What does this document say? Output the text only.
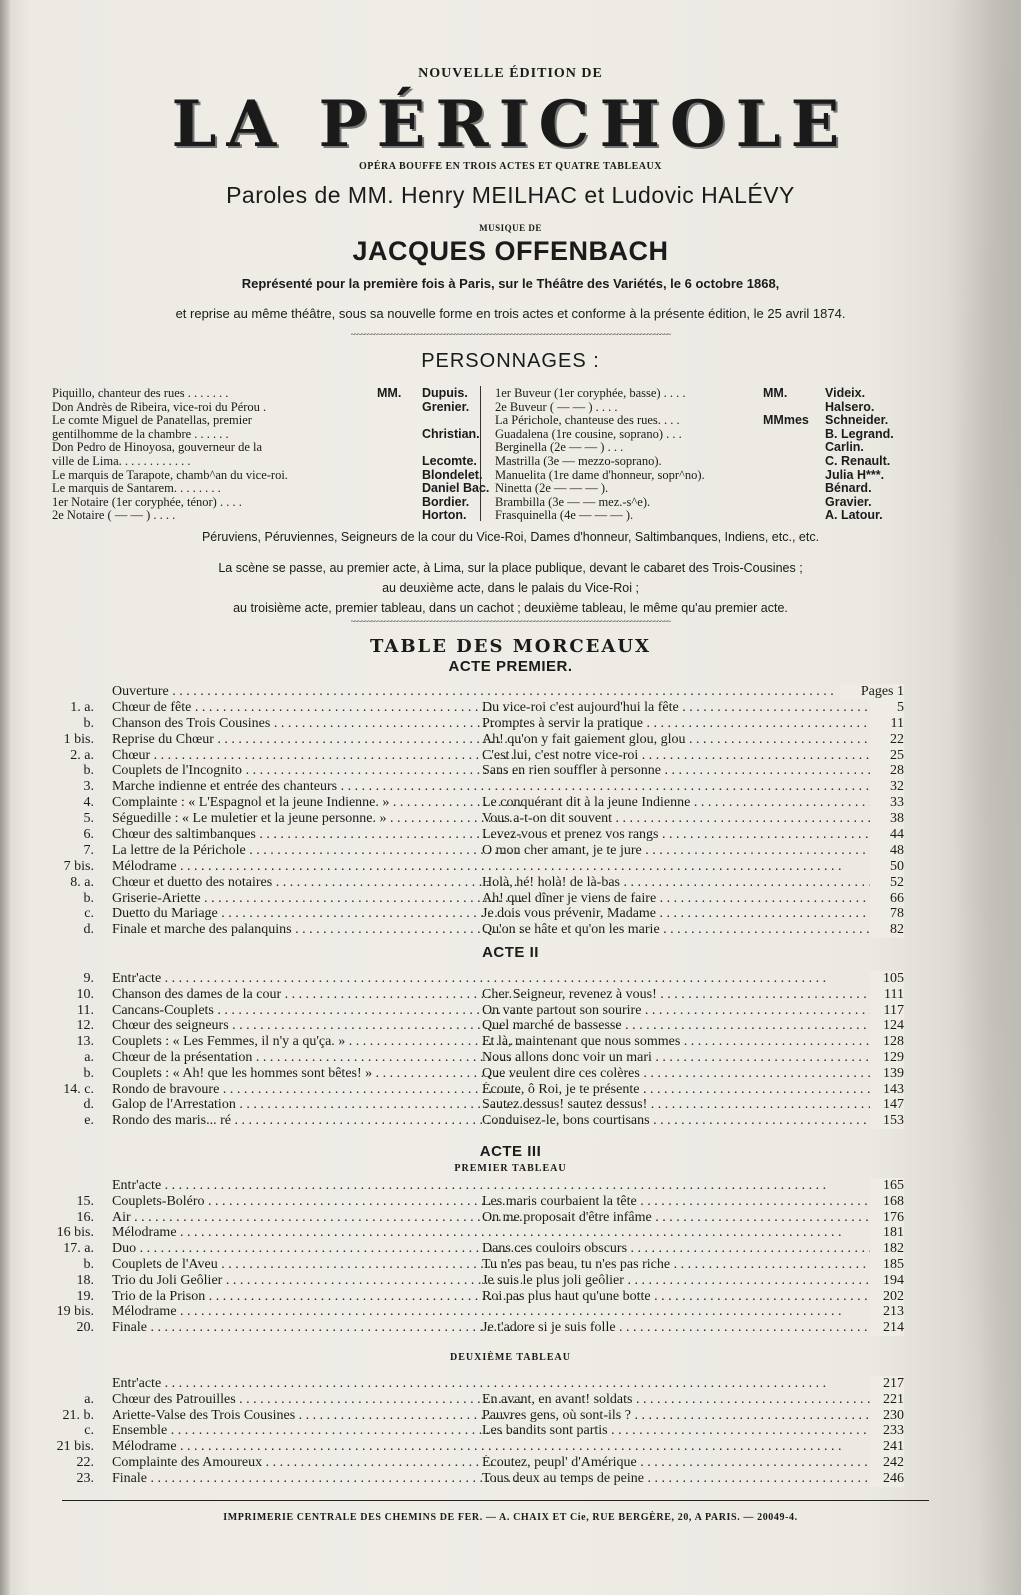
NOUVELLE ÉDITION DE
LA PÉRICHOLE
OPÉRA BOUFFE EN TROIS ACTES ET QUATRE TABLEAUX
Paroles de MM. Henry MEILHAC et Ludovic HALÉVY
MUSIQUE DE
JACQUES OFFENBACH
Représenté pour la première fois à Paris, sur le Théâtre des Variétés, le 6 octobre 1868,
et reprise au même théâtre, sous sa nouvelle forme en trois actes et conforme à la présente édition, le 25 avril 1874.
~~~~~~~~~~~~~~~~~~~~~~~~~~~~~~~~~~~~~~~~~~~~~~~~~~~~~~~~~~~~~~~~~~~~~~~~~~~~~~~~~~~~~~~~~~~~~~~~
PERSONNAGES :
Piquillo, chanteur des rues . . . . . . .	MM. Dupuis.
Don Andrès de Ribeira, vice-roi du Pérou .	Grenier.
Le comte Miguel de Panatellas, premier
gentilhomme de la chambre . . . . . .	Christian.
Don Pedro de Hinoyosa, gouverneur de la
ville de Lima. . . . . . . . . . . .	Lecomte.
Le marquis de Tarapote, chamb^an du vice-roi.	Blondelet.
Le marquis de Santarem. . . . . . . .	Daniel Bac.
1er Notaire (1er coryphée, ténor) . . . .	Bordier.
2e Notaire ( — — ) . . . .	Horton.
1er Buveur (1er coryphée, basse) . . . .	MM.	Videix.
2e Buveur ( — — ) . . . .	Halsero.
La Périchole, chanteuse des rues. . . .	MMmes Schneider.
Guadalena (1re cousine, soprano) . . .	B. Legrand.
Berginella (2e — — ) . . .	Carlin.
Mastrilla (3e — mezzo-soprano).	C. Renault.
Manuelita (1re dame d'honneur, sopr^no).	Julia H***.
Ninetta (2e — — — ).	Bénard.
Brambilla (3e — — mez.-s^e).	Gravier.
Frasquinella (4e — — — ).	A. Latour.
Péruviens, Péruviennes, Seigneurs de la cour du Vice-Roi, Dames d'honneur, Saltimbanques, Indiens, etc., etc.
La scène se passe, au premier acte, à Lima, sur la place publique, devant le cabaret des Trois-Cousines ;
au deuxième acte, dans le palais du Vice-Roi ;
au troisième acte, premier tableau, dans un cachot ; deuxième tableau, le même qu'au premier acte.
~~~~~~~~~~~~~~~~~~~~~~~~~~~~~~~~~~~~~~~~~~~~~~~~~~~~~~~~~~~~~~~~~~~~~~~~~~~~~~~~~~~~~~~~~~~~~~~~
TABLE DES MORCEAUX
ACTE PREMIER.
Ouverture . . .	Pages 1
1. a. Chœur de fête . . .	Du vice-roi c'est aujourd'hui la fête . . .	5
b. Chanson des Trois Cousines . . .	Promptes à servir la pratique . . .	11
1 bis. Reprise du Chœur . . .	Ah! qu'on y fait gaiement glou, glou . . .	22
2. a. Chœur . . .	C'est lui, c'est notre vice-roi . . .	25
b. Couplets de l'Incognito . . .	Sans en rien souffler à personne . . .	28
3. Marche indienne et entrée des chanteurs . . .	32
4. Complainte : « L'Espagnol et la jeune Indienne. » . . .	Le conquérant dit à la jeune Indienne . . .	33
5. Séguedille : « Le muletier et la jeune personne. » . . .	Vous a-t-on dit souvent . . .	38
6. Chœur des saltimbanques . . .	Levez-vous et prenez vos rangs . . .	44
7. La lettre de la Périchole . . .	O mon cher amant, je te jure . . .	48
7 bis. Mélodrame . . .	50
8. a. Chœur et duetto des notaires . . .	Holà, hé! holà! de là-bas . . .	52
b. Griserie-Ariette . . .	Ah! quel dîner je viens de faire . . .	66
c. Duetto du Mariage . . .	Je dois vous prévenir, Madame . . .	78
d. Finale et marche des palanquins . . .	Qu'on se hâte et qu'on les marie . . .	82
ACTE II
9. Entr'acte . . .	105
10. Chanson des dames de la cour . . .	Cher Seigneur, revenez à vous! . . .	111
11. Cancans-Couplets . . .	On vante partout son sourire . . .	117
12. Chœur des seigneurs . . .	Quel marché de bassesse . . .	124
13. Couplets : « Les Femmes, il n'y a qu'ça. » . . .	Et là, maintenant que nous sommes . . .	128
a. Chœur de la présentation . . .	Nous allons donc voir un mari . . .	129
b. Couplets : « Ah! que les hommes sont bêtes! » . . .	Que veulent dire ces colères . . .	139
14. c. Rondo de bravoure . . .	Écoute, ô Roi, je te présente . . .	143
d. Galop de l'Arrestation . . .	Sautez dessus! sautez dessus! . . .	147
e. Rondo des maris... ré . . .	Conduisez-le, bons courtisans . . .	153
ACTE III
PREMIER TABLEAU
Entr'acte . . .	165
15. Couplets-Boléro . . .	Les maris courbaient la tête . . .	168
16. Air . . .	On me proposait d'être infâme . . .	176
16 bis. Mélodrame . . .	181
17. a. Duo . . .	Dans ces couloirs obscurs . . .	182
b. Couplets de l'Aveu . . .	Tu n'es pas beau, tu n'es pas riche . . .	185
18. Trio du Joli Geôlier . . .	Je suis le plus joli geôlier . . .	194
19. Trio de la Prison . . .	Roi pas plus haut qu'une botte . . .	202
19 bis. Mélodrame . . .	213
20. Finale . . .	Je t'adore si je suis folle . . .	214
DEUXIÈME TABLEAU
Entr'acte . . .	217
a. Chœur des Patrouilles . . .	En avant, en avant! soldats . . .	221
21. b. Ariette-Valse des Trois Cousines . . .	Pauvres gens, où sont-ils ? . . .	230
c. Ensemble . . .	Les bandits sont partis . . .	233
21 bis. Mélodrame . . .	241
22. Complainte des Amoureux . . .	Écoutez, peupl' d'Amérique . . .	242
23. Finale . . .	Tous deux au temps de peine . . .	246
IMPRIMERIE CENTRALE DES CHEMINS DE FER. — A. CHAIX ET Cie, RUE BERGÈRE, 20, A PARIS. — 20049-4.
